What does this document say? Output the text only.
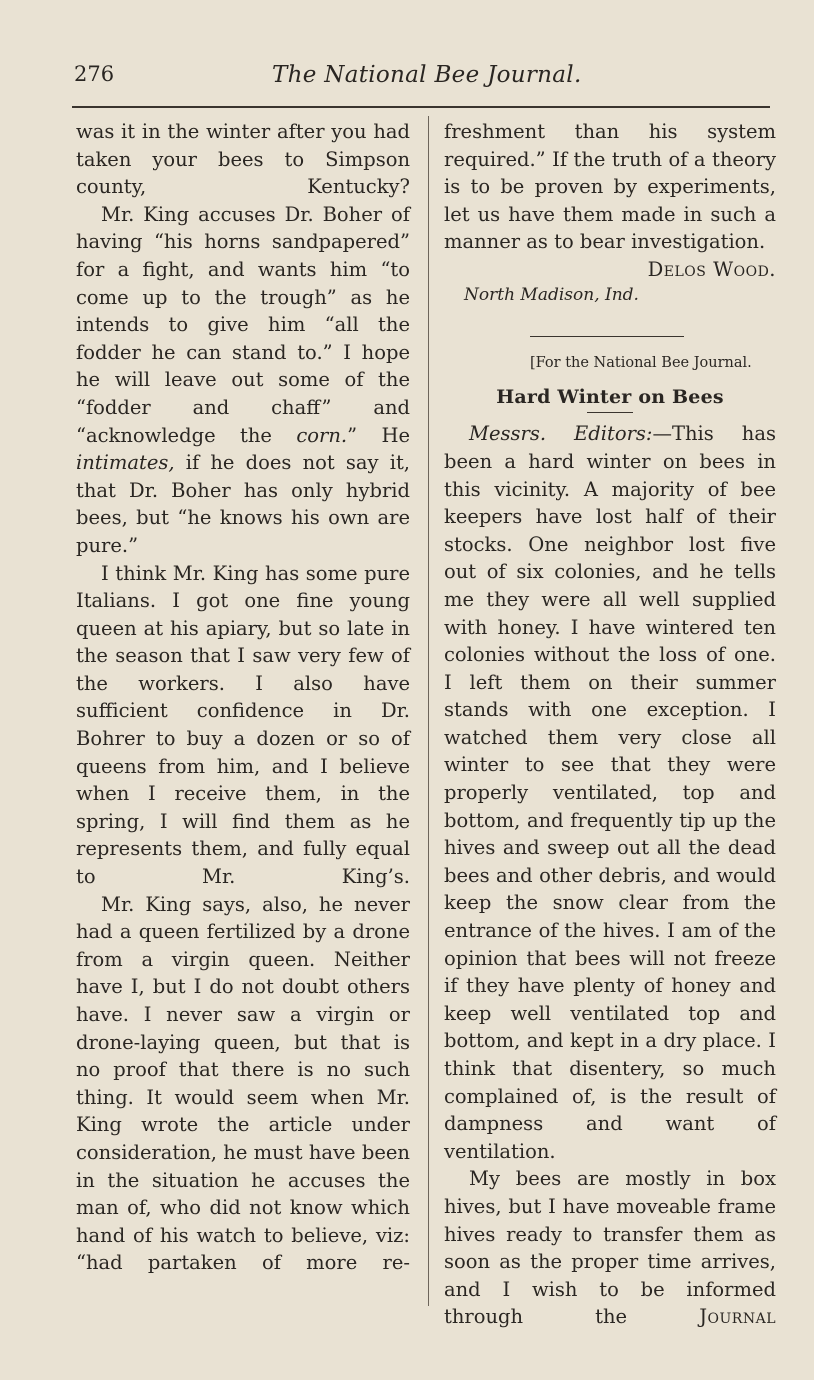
276	The National Bee Journal.

was it in the winter after you had taken your bees to Simpson county, Kentucky?

Mr. King accuses Dr. Boher of having “his horns sandpapered” for a fight, and wants him “to come up to the trough” as he intends to give him “all the fodder he can stand to.” I hope he will leave out some of the “fodder and chaff” and “acknowledge the corn.” He intimates, if he does not say it, that Dr. Boher has only hybrid bees, but “he knows his own are pure.”

I think Mr. King has some pure Italians. I got one fine young queen at his apiary, but so late in the season that I saw very few of the workers. I also have sufficient confidence in Dr. Bohrer to buy a dozen or so of queens from him, and I believe when I receive them, in the spring, I will find them as he represents them, and fully equal to Mr. King’s.

Mr. King says, also, he never had a queen fertilized by a drone from a virgin queen. Neither have I, but I do not doubt others have. I never saw a virgin or drone-laying queen, but that is no proof that there is no such thing. It would seem when Mr. King wrote the article under consideration, he must have been in the situation he accuses the man of, who did not know which hand of his watch to believe, viz: “had partaken of more re-

freshment than his system required.” If the truth of a theory is to be proven by experiments, let us have them made in such a manner as to bear investigation.

Delos Wood.
North Madison, Ind.
[For the National Bee Journal.
Hard Winter on Bees

Messrs. Editors:—This has been a hard winter on bees in this vicinity. A majority of bee keepers have lost half of their stocks. One neighbor lost five out of six colonies, and he tells me they were all well supplied with honey. I have wintered ten colonies without the loss of one. I left them on their summer stands with one exception. I watched them very close all winter to see that they were properly ventilated, top and bottom, and frequently tip up the hives and sweep out all the dead bees and other debris, and would keep the snow clear from the entrance of the hives. I am of the opinion that bees will not freeze if they have plenty of honey and keep well ventilated top and bottom, and kept in a dry place. I think that disentery, so much complained of, is the result of dampness and want of ventilation.

My bees are mostly in box hives, but I have moveable frame hives ready to transfer them as soon as the proper time arrives, and I wish to be informed through the Journal
